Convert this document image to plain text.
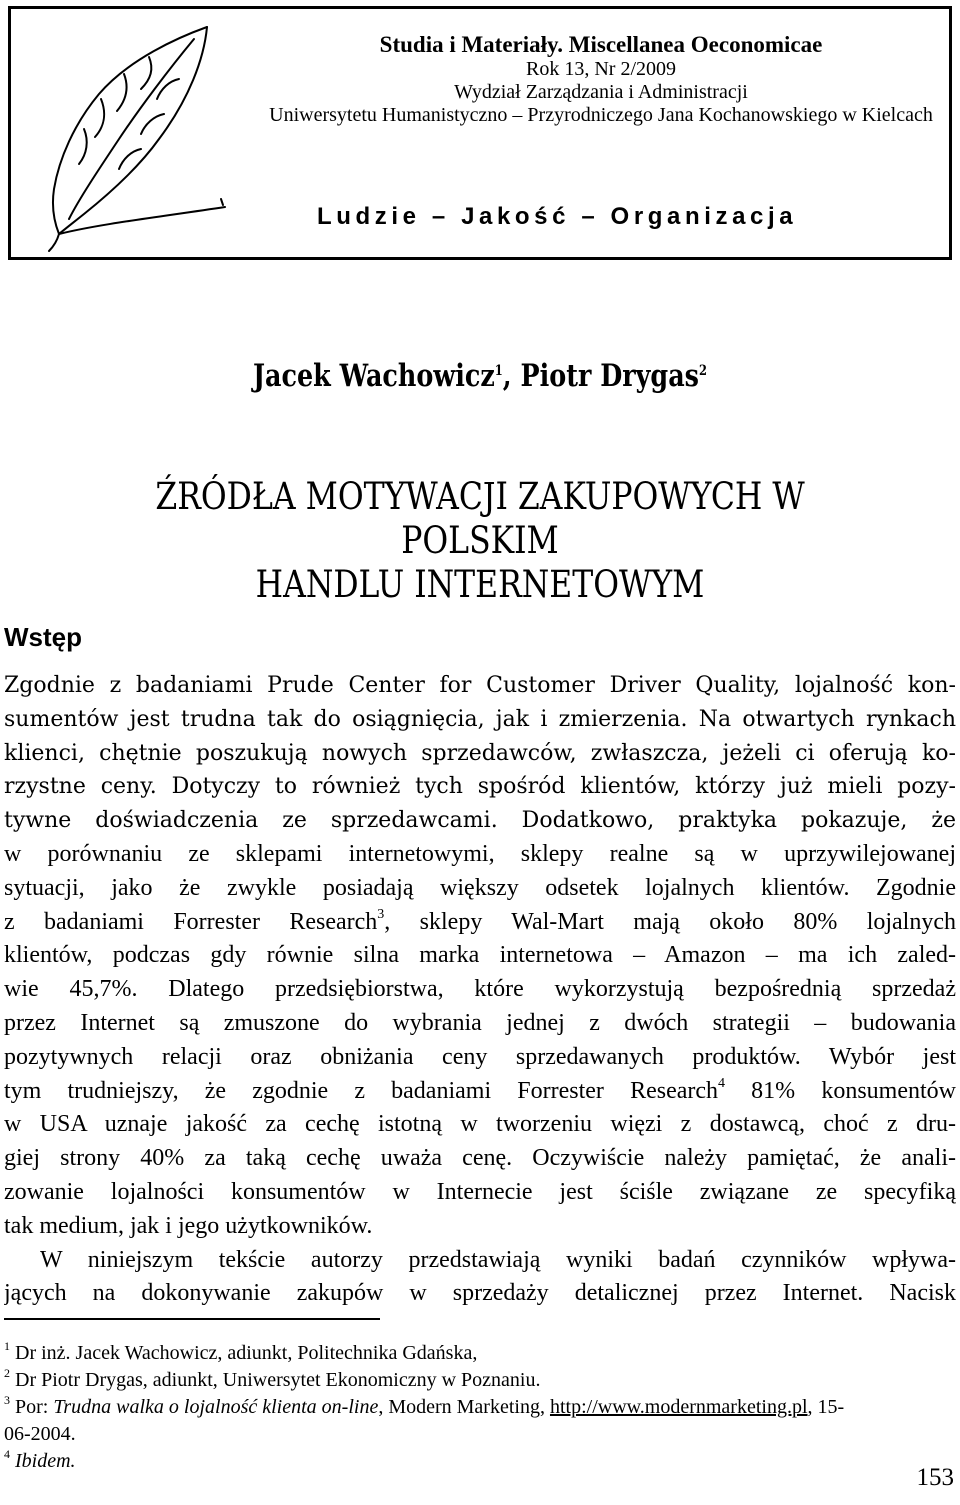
Studia i Materiały. Miscellanea Oeconomicae
Rok 13, Nr 2/2009
Wydział Zarządzania i Administracji
Uniwersytetu Humanistyczno – Przyrodniczego Jana Kochanowskiego w Kielcach
Ludzie – Jakość – Organizacja
Jacek Wachowicz$^1$, Piotr Drygas$^2$
ŹRÓDŁA MOTYWACJI ZAKUPOWYCH W POLSKIM
HANDLU INTERNETOWYM
Wstęp
Zgodnie z badaniami Prude Center for Customer Driver Quality, lojalność kon-
sumentów jest trudna tak do osiągnięcia, jak i zmierzenia. Na otwartych rynkach
klienci, chętnie poszukują nowych sprzedawców, zwłaszcza, jeżeli ci oferują ko-
rzystne ceny. Dotyczy to również tych spośród klientów, którzy już mieli pozy-
tywne doświadczenia ze sprzedawcami. Dodatkowo, praktyka pokazuje, że
w porównaniu ze sklepami internetowymi, sklepy realne są w uprzywilejowanej
sytuacji, jako że zwykle posiadają większy odsetek lojalnych klientów. Zgodnie
z badaniami Forrester Research$^3$, sklepy Wal-Mart mają około 80% lojalnych
klientów, podczas gdy równie silna marka internetowa – Amazon – ma ich zaled-
wie 45,7%. Dlatego przedsiębiorstwa, które wykorzystują bezpośrednią sprzedaż
przez Internet są zmuszone do wybrania jednej z dwóch strategii – budowania
pozytywnych relacji oraz obniżania ceny sprzedawanych produktów. Wybór jest
tym trudniejszy, że zgodnie z badaniami Forrester Research$^4$ 81% konsumentów
w USA uznaje jakość za cechę istotną w tworzeniu więzi z dostawcą, choć z dru-
giej strony 40% za taką cechę uważa cenę. Oczywiście należy pamiętać, że anali-
zowanie lojalności konsumentów w Internecie jest ściśle związane ze specyfiką
tak medium, jak i jego użytkowników.
W niniejszym tekście autorzy przedstawiają wyniki badań czynników wpływa-
jących na dokonywanie zakupów w sprzedaży detalicznej przez Internet. Nacisk
$^1$ Dr inż. Jacek Wachowicz, adiunkt, Politechnika Gdańska,
$^2$ Dr Piotr Drygas, adiunkt, Uniwersytet Ekonomiczny w Poznaniu.
$^3$ Por: Trudna walka o lojalność klienta on-line, Modern Marketing, http://www.modernmarketing.pl, 15-
06-2004.
$^4$ Ibidem.
153
